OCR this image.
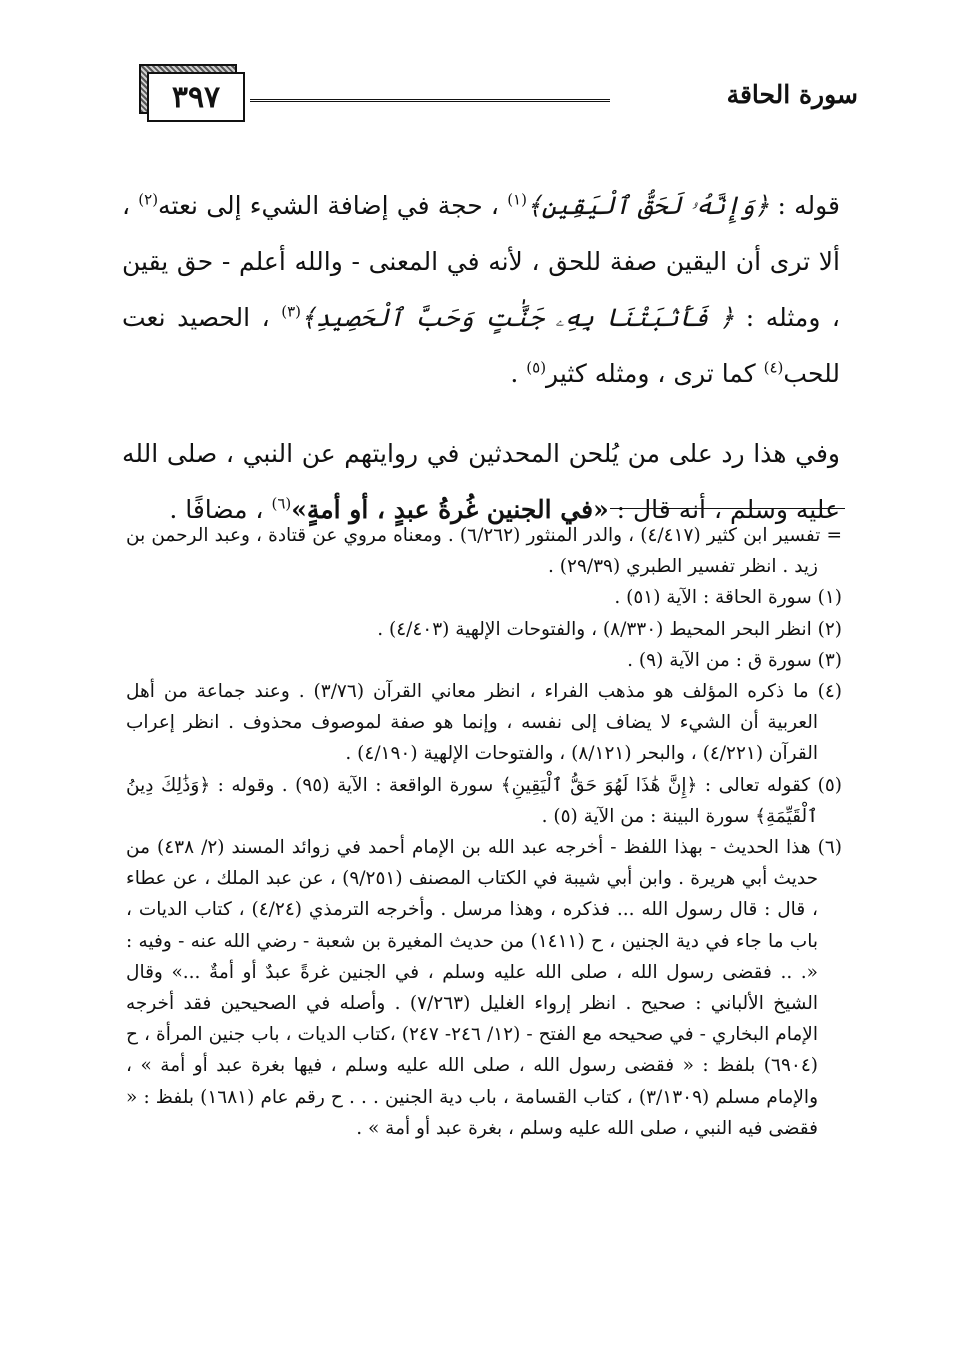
٣٩٧	سورة الحاقة

قوله : ﴿وَإِنَّهُۥ لَحَقُّ ٱلْيَقِينِ﴾$^{(١)}$ ، حجة في إضافة الشيء إلى نعته$^{(٢)}$ ، ألا ترى أن اليقين صفة للحق ، لأنه في المعنى - والله أعلم - حق يقين ، ومثله : ﴿ فَأَنۢبَتْنَا بِهِۦ جَنَّٰتٍ وَحَبَّ ٱلْحَصِيدِ﴾$^{(٣)}$ ، الحصيد نعت للحب$^{(٤)}$ كما ترى ، ومثله كثير$^{(٥)}$ .

وفي هذا رد على من يُلحن المحدثين في روايتهم عن النبي ، صلى الله عليه وسلم ، أنه قال : «في الجنين غُرةُ عبدٍ ، أو أمةٍ»$^{(٦)}$ ، مضافًا .

= تفسير ابن كثير (٤/٤١٧) ، والدر المنثور (٦/٢٦٢) . ومعناه مروي عن قتادة ، وعبد الرحمن بن زيد . انظر تفسير الطبري (٢٩/٣٩) .

(١) سورة الحاقة : الآية (٥١) .

(٢) انظر البحر المحيط (٨/٣٣٠) ، والفتوحات الإلهية (٤/٤٠٣) .

(٣) سورة ق : من الآية (٩) .

(٤) ما ذكره المؤلف هو مذهب الفراء ، انظر معاني القرآن (٣/٧٦) . وعند جماعة من أهل العربية أن الشيء لا يضاف إلى نفسه ، وإنما هو صفة لموصوف محذوف . انظر إعراب القرآن (٤/٢٢١) ، والبحر (٨/١٢١) ، والفتوحات الإلهية (٤/١٩٠) .

(٥) كقوله تعالى : ﴿إِنَّ هَٰذَا لَهُوَ حَقُّ ٱلْيَقِينِ﴾ سورة الواقعة : الآية (٩٥) . وقوله : ﴿وَذَٰلِكَ دِينُ ٱلْقَيِّمَةِ﴾ سورة البينة : من الآية (٥) .

(٦) هذا الحديث - بهذا اللفظ - أخرجه عبد الله بن الإمام أحمد في زوائد المسند (٢/ ٤٣٨) من حديث أبي هريرة . وابن أبي شيبة في الكتاب المصنف (٩/٢٥١) ، عن عبد الملك ، عن عطاء ، قال : قال رسول الله ... فذكره ، وهذا مرسل . وأخرجه الترمذي (٤/٢٤) ، كتاب الديات ، باب ما جاء في دية الجنين ، ح (١٤١١) من حديث المغيرة بن شعبة - رضي الله عنه - وفيه : «. .. فقضى رسول الله ، صلى الله عليه وسلم ، في الجنين غرةً عبدٌ أو أمةٌ ...» وقال الشيخ الألباني : صحيح . انظر إرواء الغليل (٧/٢٦٣) . وأصله في الصحيحين فقد أخرجه الإمام البخاري - في صحيحه مع الفتح - (١٢/ ٢٤٦- ٢٤٧) ،كتاب الديات ، باب جنين المرأة ، ح (٦٩٠٤) بلفظ : « فقضى رسول الله ، صلى الله عليه وسلم ، فيها بغرة عبد أو أمة » ، والإمام مسلم (٣/١٣٠٩) ، كتاب القسامة ، باب دية الجنين . . . ح رقم عام (١٦٨١) بلفظ : « فقضى فيه النبي ، صلى الله عليه وسلم ، بغرة عبد أو أمة » .
